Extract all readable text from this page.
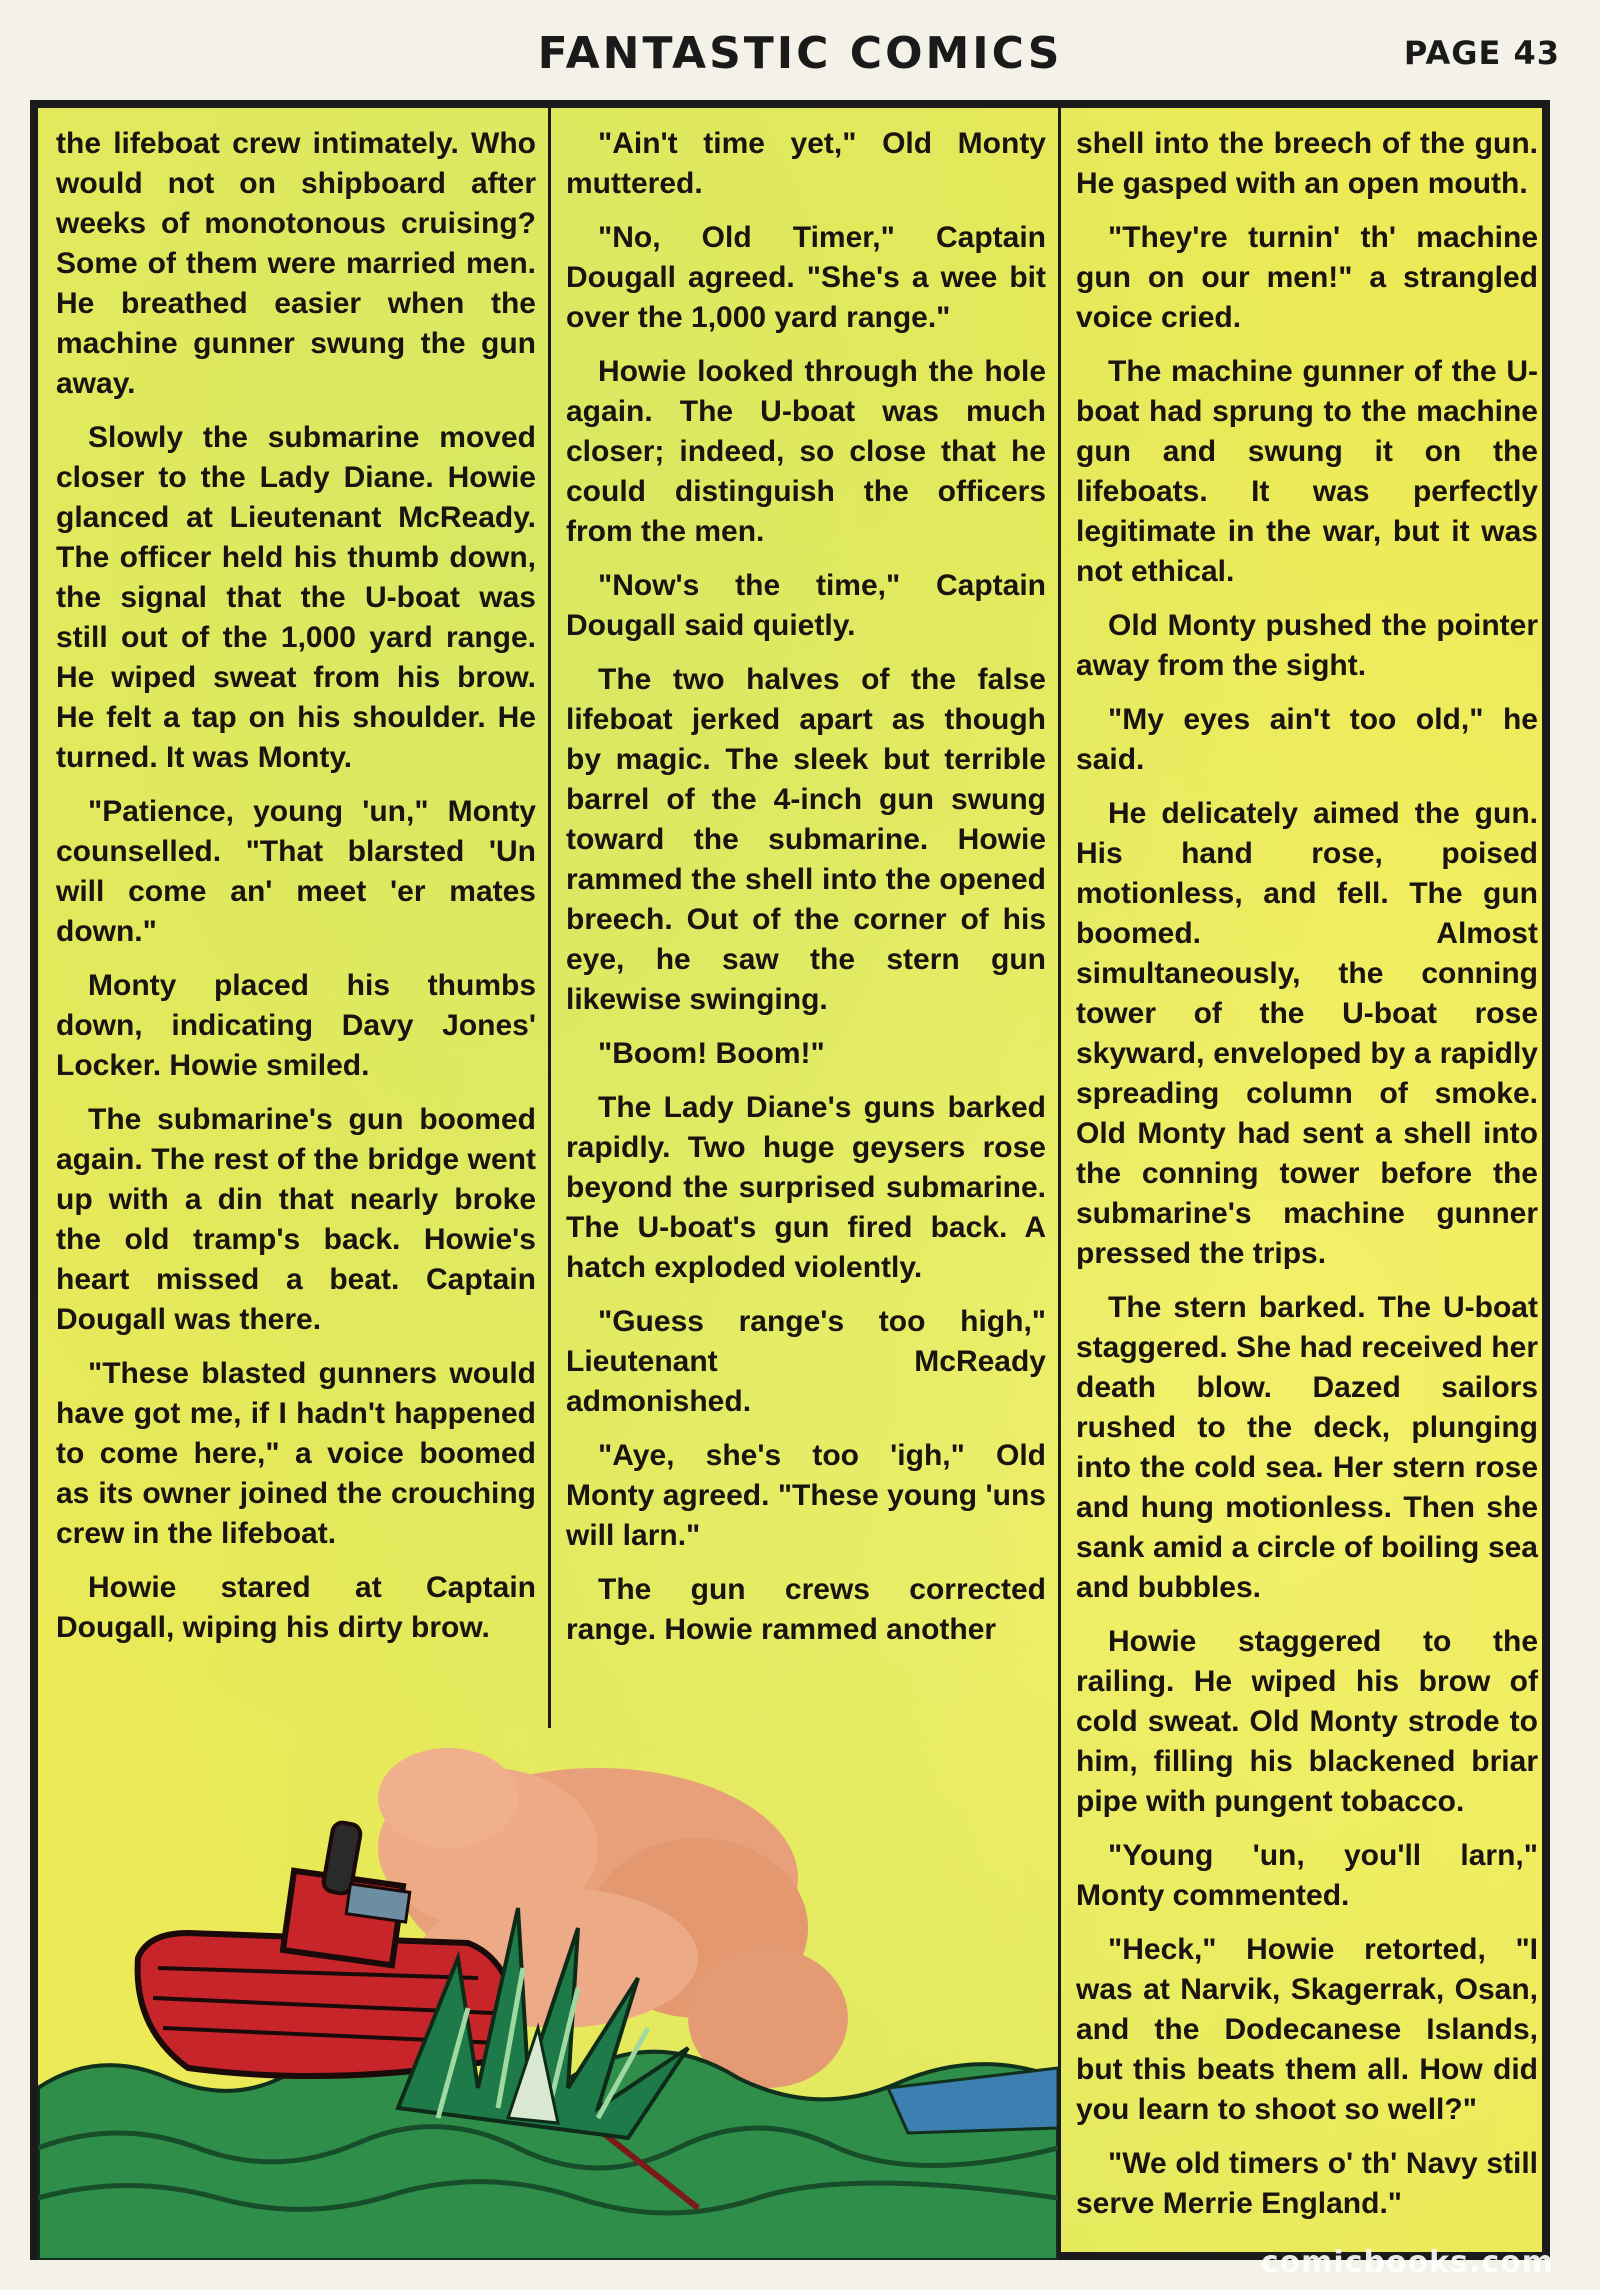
FANTASTIC COMICS	PAGE 43

the lifeboat crew intimately. Who would not on shipboard after weeks of monotonous cruising? Some of them were married men. He breathed easier when the machine gunner swung the gun away.

Slowly the submarine moved closer to the Lady Diane. Howie glanced at Lieutenant McReady. The officer held his thumb down, the signal that the U-boat was still out of the 1,000 yard range. He wiped sweat from his brow. He felt a tap on his shoulder. He turned. It was Monty.

"Patience, young 'un," Monty counselled. "That blarsted 'Un will come an' meet 'er mates down."

Monty placed his thumbs down, indicating Davy Jones' Locker. Howie smiled.

The submarine's gun boomed again. The rest of the bridge went up with a din that nearly broke the old tramp's back. Howie's heart missed a beat. Captain Dougall was there.

"These blasted gunners would have got me, if I hadn't happened to come here," a voice boomed as its owner joined the crouching crew in the lifeboat.

Howie stared at Captain Dougall, wiping his dirty brow.

"Ain't time yet," Old Monty muttered.

"No, Old Timer," Captain Dougall agreed. "She's a wee bit over the 1,000 yard range."

Howie looked through the hole again. The U-boat was much closer; indeed, so close that he could distinguish the officers from the men.

"Now's the time," Captain Dougall said quietly.

The two halves of the false lifeboat jerked apart as though by magic. The sleek but terrible barrel of the 4-inch gun swung toward the submarine. Howie rammed the shell into the opened breech. Out of the corner of his eye, he saw the stern gun likewise swinging.

"Boom! Boom!"

The Lady Diane's guns barked rapidly. Two huge geysers rose beyond the surprised submarine. The U-boat's gun fired back. A hatch exploded violently.

"Guess range's too high," Lieutenant McReady admonished.

"Aye, she's too 'igh," Old Monty agreed. "These young 'uns will larn."

The gun crews corrected range. Howie rammed another

shell into the breech of the gun. He gasped with an open mouth.

"They're turnin' th' machine gun on our men!" a strangled voice cried.

The machine gunner of the U-boat had sprung to the machine gun and swung it on the lifeboats. It was perfectly legitimate in the war, but it was not ethical.

Old Monty pushed the pointer away from the sight.

"My eyes ain't too old," he said.

He delicately aimed the gun. His hand rose, poised motionless, and fell. The gun boomed. Almost simultaneously, the conning tower of the U-boat rose skyward, enveloped by a rapidly spreading column of smoke. Old Monty had sent a shell into the conning tower before the submarine's machine gunner pressed the trips.

The stern barked. The U-boat staggered. She had received her death blow. Dazed sailors rushed to the deck, plunging into the cold sea. Her stern rose and hung motionless. Then she sank amid a circle of boiling sea and bubbles.

Howie staggered to the railing. He wiped his brow of cold sweat. Old Monty strode to him, filling his blackened briar pipe with pungent tobacco.

"Young 'un, you'll larn," Monty commented.

"Heck," Howie retorted, "I was at Narvik, Skagerrak, Osan, and the Dodecanese Islands, but this beats them all. How did you learn to shoot so well?"

"We old timers o' th' Navy still serve Merrie England."

comicbooks.com
